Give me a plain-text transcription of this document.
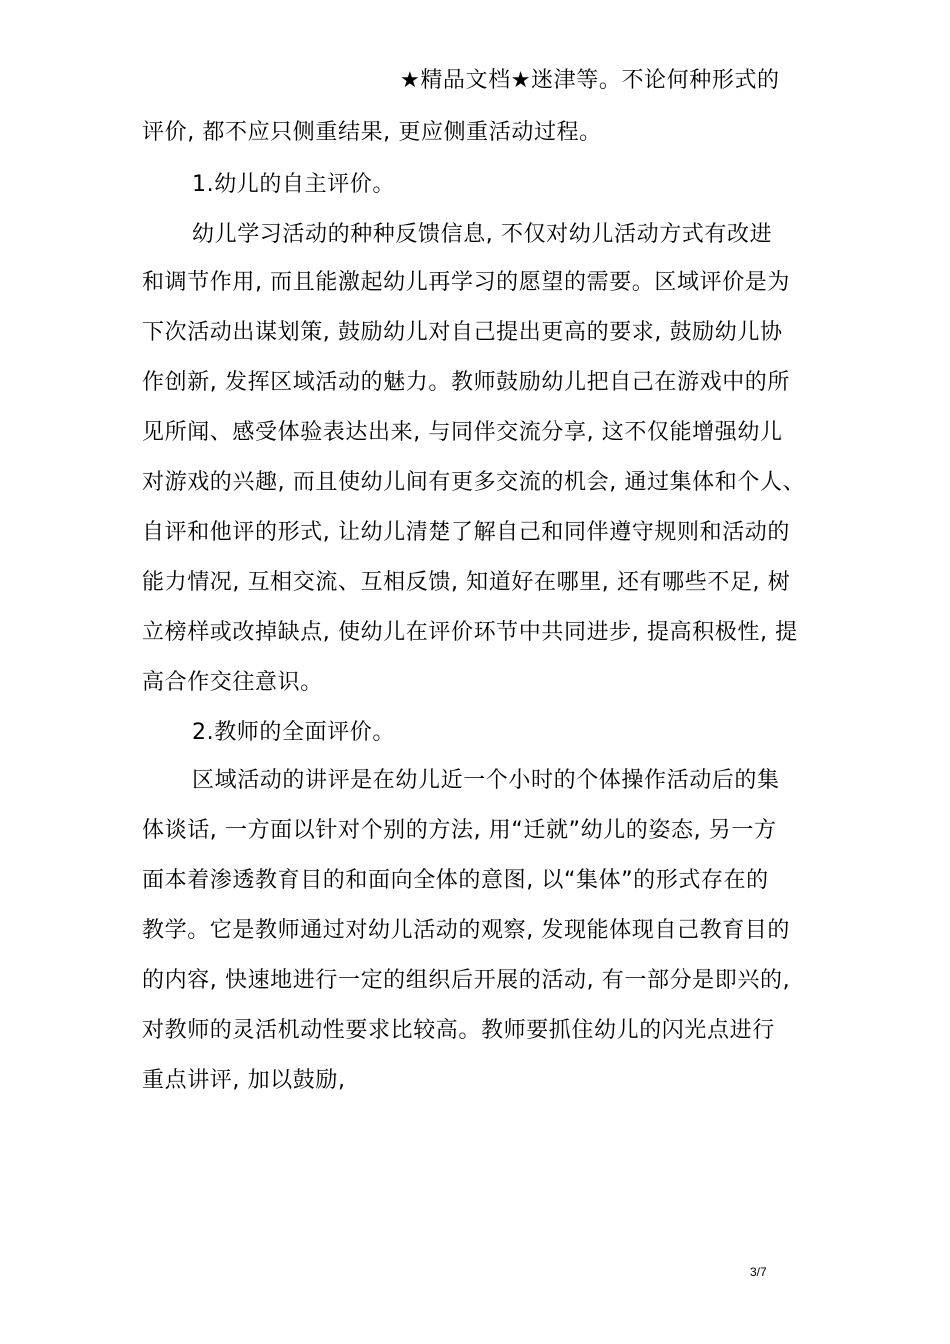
★精品文档★迷津等。不论何种形式的
评价, 都不应只侧重结果, 更应侧重活动过程。
1.幼儿的自主评价。
幼儿学习活动的种种反馈信息, 不仅对幼儿活动方式有改进
和调节作用, 而且能激起幼儿再学习的愿望的需要。区域评价是为
下次活动出谋划策, 鼓励幼儿对自己提出更高的要求, 鼓励幼儿协
作创新, 发挥区域活动的魅力。教师鼓励幼儿把自己在游戏中的所
见所闻、感受体验表达出来, 与同伴交流分享, 这不仅能增强幼儿
对游戏的兴趣, 而且使幼儿间有更多交流的机会, 通过集体和个人、
自评和他评的形式, 让幼儿清楚了解自己和同伴遵守规则和活动的
能力情况, 互相交流、互相反馈, 知道好在哪里, 还有哪些不足, 树
立榜样或改掉缺点, 使幼儿在评价环节中共同进步, 提高积极性, 提
高合作交往意识。
2.教师的全面评价。
区域活动的讲评是在幼儿近一个小时的个体操作活动后的集
体谈话, 一方面以针对个别的方法, 用“迁就”幼儿的姿态, 另一方
面本着渗透教育目的和面向全体的意图, 以“集体”的形式存在的
教学。它是教师通过对幼儿活动的观察, 发现能体现自己教育目的
的内容, 快速地进行一定的组织后开展的活动, 有一部分是即兴的,
对教师的灵活机动性要求比较高。教师要抓住幼儿的闪光点进行
重点讲评, 加以鼓励,
3/7
